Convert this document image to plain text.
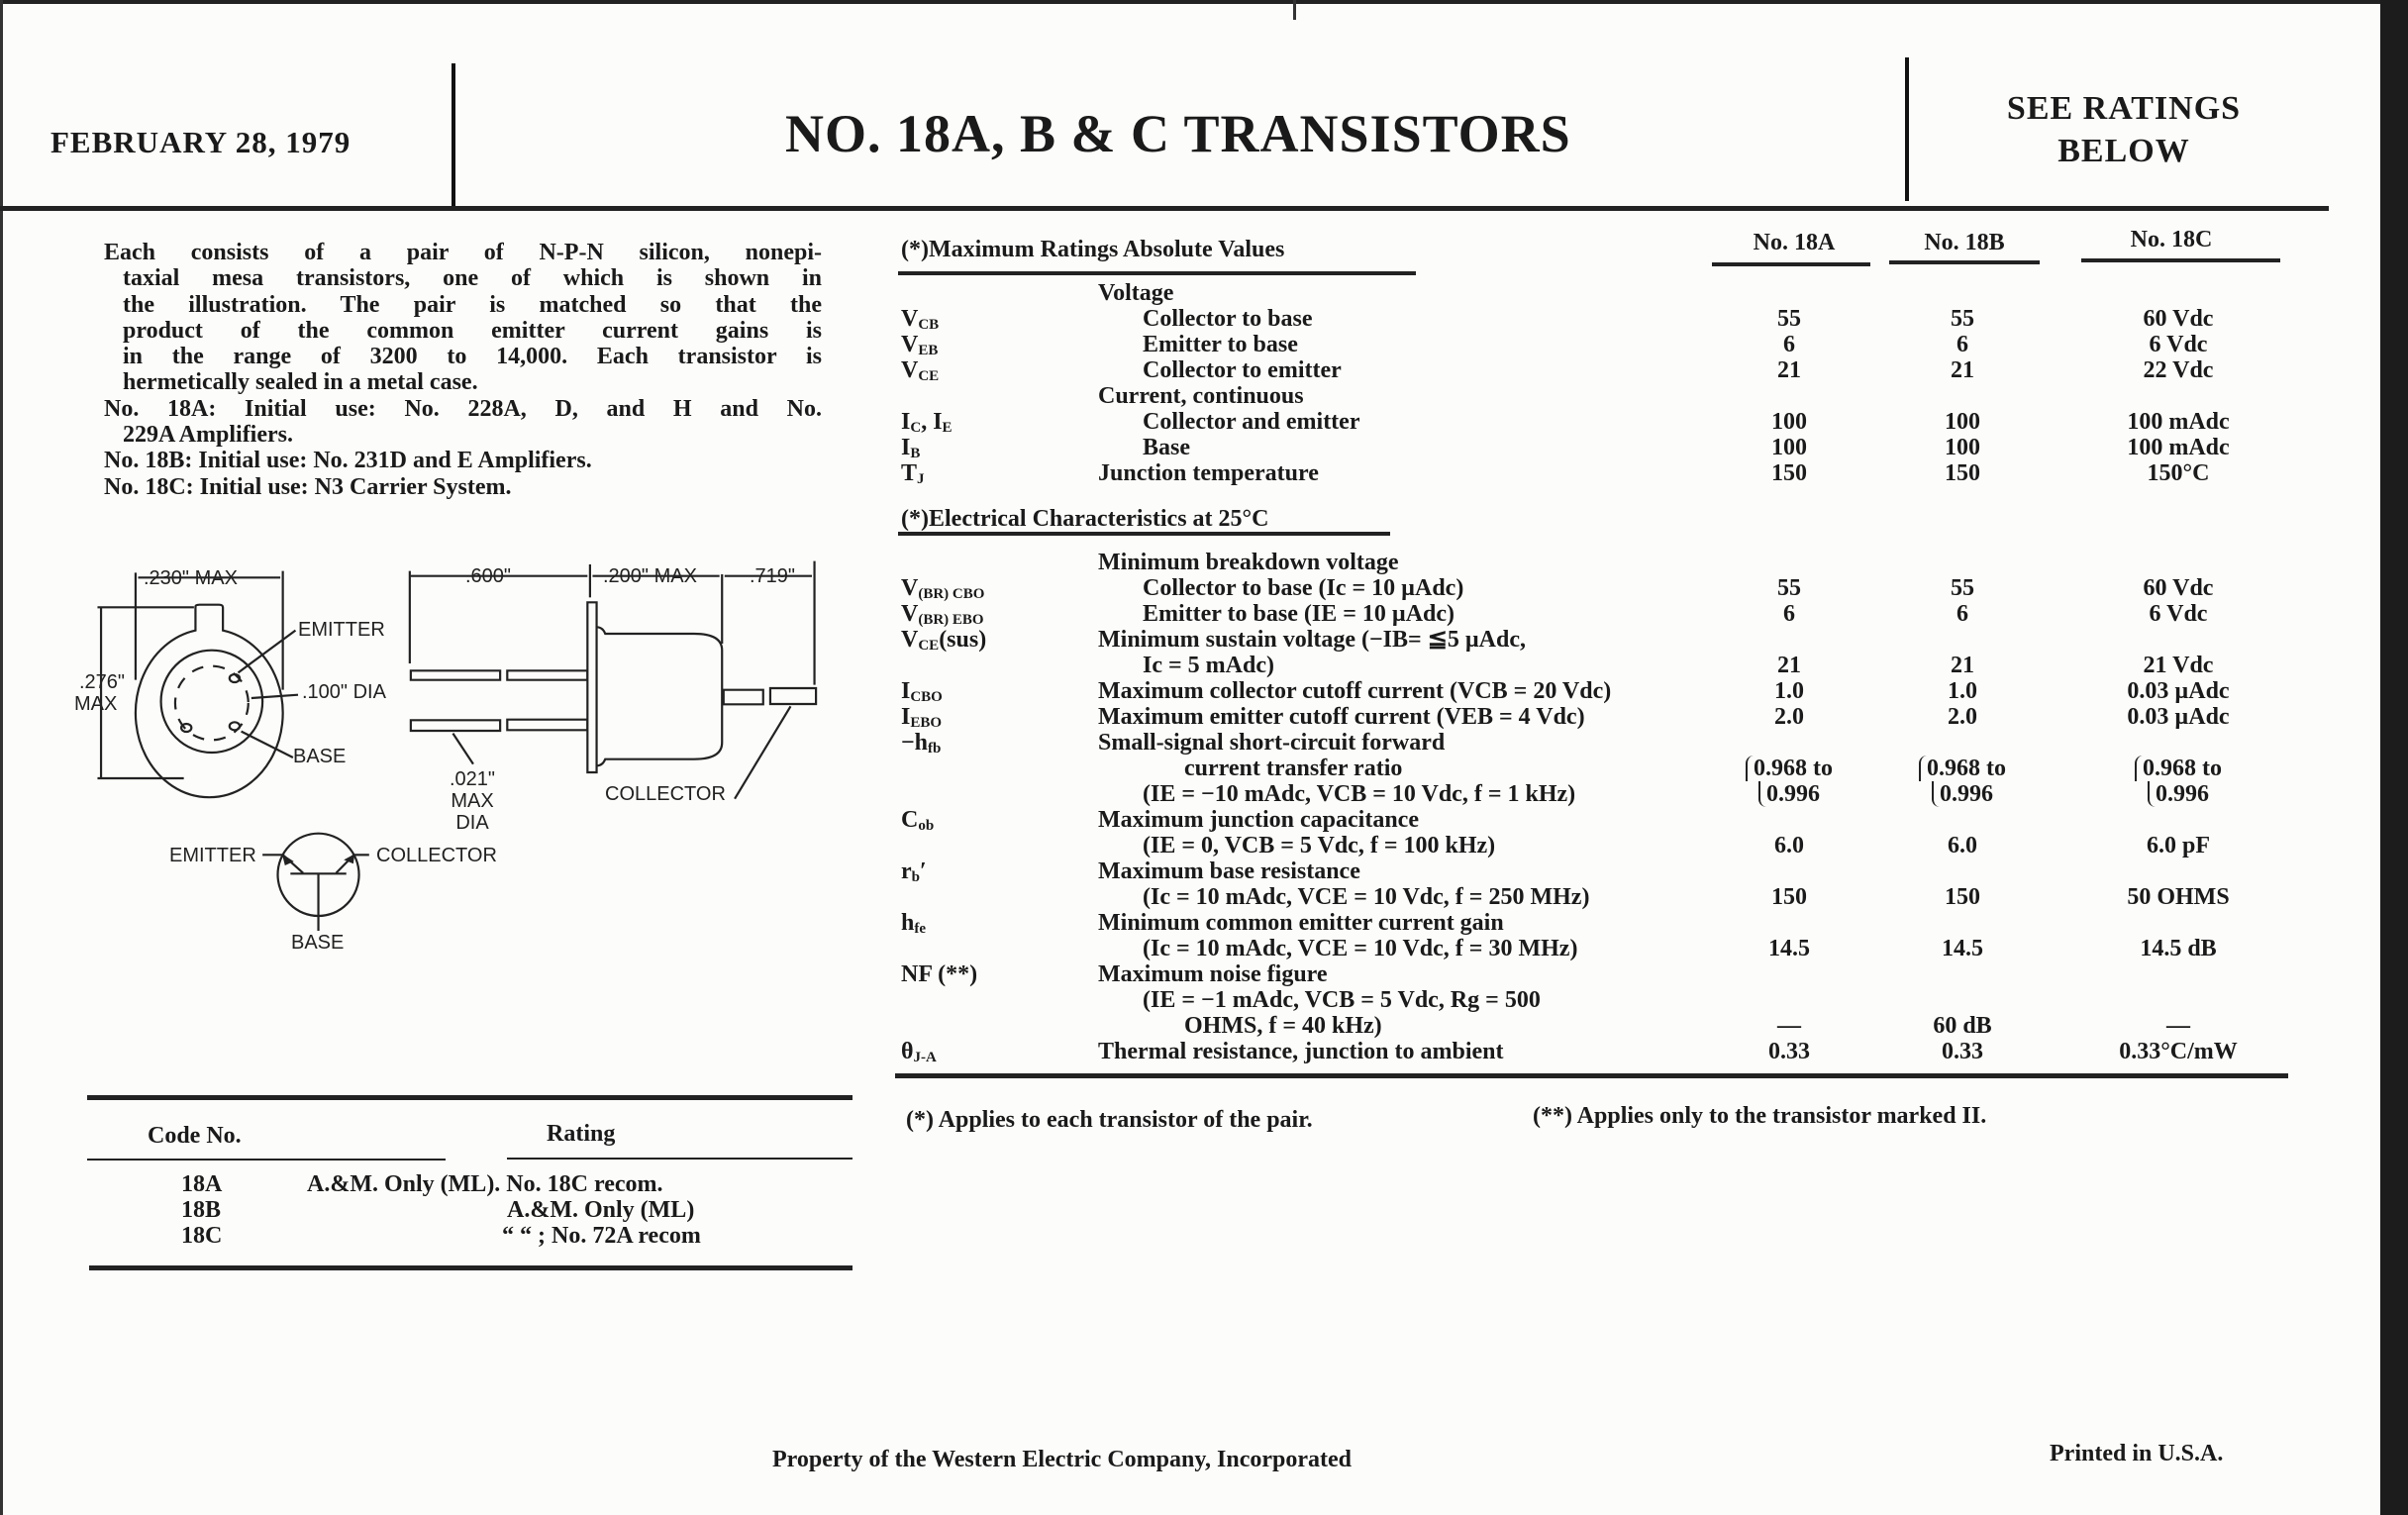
FEBRUARY 28, 1979	NO. 18A, B & C TRANSISTORS	SEE RATINGS
BELOW
Each consists of a pair of N-P-N silicon, nonepi-
taxial mesa transistors, one of which is shown in
the illustration. The pair is matched so that the
product of the common emitter current gains is
in the range of 3200 to 14,000. Each transistor is
hermetically sealed in a metal case.
No. 18A: Initial use: No. 228A, D, and H and No.
229A Amplifiers.
No. 18B: Initial use: No. 231D and E Amplifiers.
No. 18C: Initial use: N3 Carrier System.
.230" MAX
.276"
MAX
EMITTER
.100" DIA
BASE
.600"	.200" MAX	.719"
.021"
MAX
DIA
COLLECTOR
EMITTER	COLLECTOR
BASE
(*)Maximum Ratings Absolute Values	No. 18A	No. 18B	No. 18C
Voltage
$V_{CB}$	Collector to base	55	55	60 Vdc
$V_{EB}$	Emitter to base	6	6	6 Vdc
$V_{CE}$	Collector to emitter	21	21	22 Vdc
Current, continuous
$I_C$, $I_E$	Collector and emitter	100	100	100 mAdc
$I_B$	Base	100	100	100 mAdc
$T_J$	Junction temperature	150	150	150°C
(*)Electrical Characteristics at 25°C
Minimum breakdown voltage
$V_{(BR) CBO}$	Collector to base (Ic = 10 µAdc)	55	55	60 Vdc
$V_{(BR) EBO}$	Emitter to base (IE = 10 µAdc)	6	6	6 Vdc
$V_{CE}(sus)$	Minimum sustain voltage (−IB= ≦5 µAdc,
Ic = 5 mAdc)	21	21	21 Vdc
$I_{CBO}$	Maximum collector cutoff current (VCB = 20 Vdc)	1.0	1.0	0.03 µAdc
$I_{EBO}$	Maximum emitter cutoff current (VEB = 4 Vdc)	2.0	2.0	0.03 µAdc
$-h_{fb}$	Small-signal short-circuit forward
current transfer ratio	0.968 to	0.968 to	0.968 to
(IE = −10 mAdc, VCB = 10 Vdc, f = 1 kHz)	0.996	0.996	0.996
$C_{ob}$	Maximum junction capacitance
(IE = 0, VCB = 5 Vdc, f = 100 kHz)	6.0	6.0	6.0 pF
$r_b'$	Maximum base resistance
(Ic = 10 mAdc, VCE = 10 Vdc, f = 250 MHz)	150	150	50 OHMS
$h_{fe}$	Minimum common emitter current gain
(Ic = 10 mAdc, VCE = 10 Vdc, f = 30 MHz)	14.5	14.5	14.5 dB
NF (**)	Maximum noise figure
(IE = −1 mAdc, VCB = 5 Vdc, Rg = 500
OHMS, f = 40 kHz)	—	60 dB	—
$\theta_{J-A}$	Thermal resistance, junction to ambient	0.33	0.33	0.33°C/mW
(*) Applies to each transistor of the pair.	(**) Applies only to the transistor marked II.
Code No.	Rating
18A	A.&M. Only (ML). No. 18C recom.
18B	A.&M. Only (ML)
18C	“ “ ; No. 72A recom
Property of the Western Electric Company, Incorporated	Printed in U.S.A.
